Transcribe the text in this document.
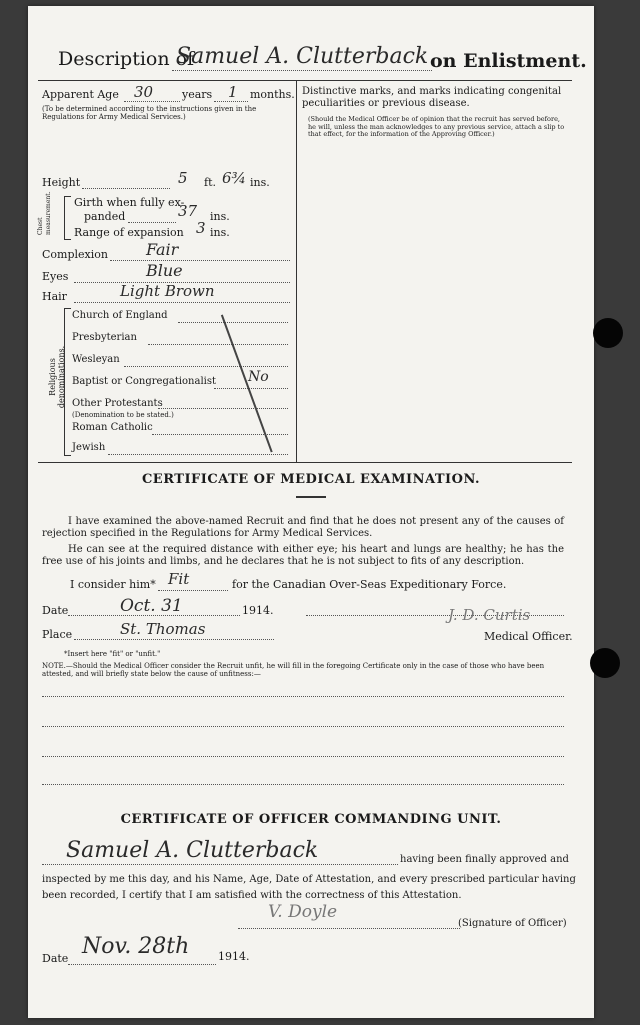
Description of
Samuel A. Clutterback on Enlistment.
Apparent Age 30	years 1 months.
(To be determined according to the instructions given in the Regulations for Army Medical Services.)
Height	5 ft. 6¾ ins.
Chest measurement. Girth when fully ex-
panded	37 ins.
Range of expansion 3 ins.
Complexion Fair
Eyes	Blue
Hair	Light Brown
Religious denominations.
Church of England
Presbyterian
Wesleyan
Baptist or Congregationalist No
Other Protestants
(Denomination to be stated.)
Roman Catholic
Jewish
Distinctive marks, and marks indicating congenital peculiarities or previous disease.
(Should the Medical Officer be of opinion that the recruit has served before, he will, unless the man acknowledges to any previous service, attach a slip to that effect, for the information of the Approving Officer.)
CERTIFICATE OF MEDICAL EXAMINATION.
I have examined the above-named Recruit and find that he does not present any of the causes of rejection specified in the Regulations for Army Medical Services.
He can see at the required distance with either eye; his heart and lungs are healthy; he has the free use of his joints and limbs, and he declares that he is not subject to fits of any description.
I consider him* Fit	for the Canadian Over-Seas Expeditionary Force.
Date	Oct. 31	1914.
Place	St. Thomas
J. D. Curtis
Medical Officer.
*Insert here "fit" or "unfit."
NOTE.—Should the Medical Officer consider the Recruit unfit, he will fill in the foregoing Certificate only in the case of those who have been attested, and will briefly state below the cause of unfitness:—
CERTIFICATE OF OFFICER COMMANDING UNIT.
Samuel A. Clutterback	having been finally approved and
inspected by me this day, and his Name, Age, Date of Attestation, and every prescribed particular having
been recorded, I certify that I am satisfied with the correctness of this Attestation.
V. Doyle
(Signature of Officer)
Date Nov. 28th	1914.
